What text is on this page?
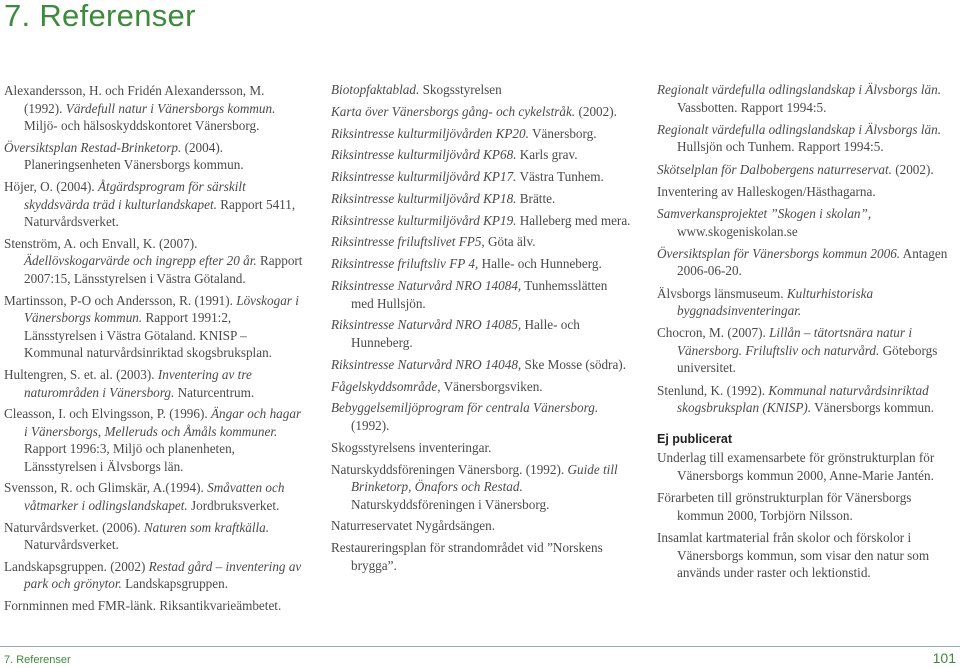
7. Referenser

Alexandersson, H. och Fridén Alexandersson, M. (1992). Värdefull natur i Vänersborgs kommun. Miljö- och hälsoskyddskontoret Vänersborg.

Översiktsplan Restad-Brinketorp. (2004). Planeringsenheten Vänersborgs kommun.

Höjer, O. (2004). Åtgärdsprogram för särskilt skyddsvärda träd i kulturlandskapet. Rapport 5411, Naturvårdsverket.

Stenström, A. och Envall, K. (2007). Ädellövskogarvärde och ingrepp efter 20 år. Rapport 2007:15, Länsstyrelsen i Västra Götaland.

Martinsson, P-O och Andersson, R. (1991). Lövskogar i Vänersborgs kommun. Rapport 1991:2, Länsstyrelsen i Västra Götaland. KNISP – Kommunal naturvårdsinriktad skogsbruksplan.

Hultengren, S. et. al. (2003). Inventering av tre naturområden i Vänersborg. Naturcentrum.

Cleasson, I. och Elvingsson, P. (1996). Ängar och hagar i Vänersborgs, Melleruds och Åmåls kommuner. Rapport 1996:3, Miljö och planenheten, Länsstyrelsen i Älvsborgs län.

Svensson, R. och Glimskär, A.(1994). Småvatten och våtmarker i odlingslandskapet. Jordbruksverket.

Naturvårdsverket. (2006). Naturen som kraftkälla. Naturvårdsverket.

Landskapsgruppen. (2002) Restad gård – inventering av park och grönytor. Landskapsgruppen.

Fornminnen med FMR-länk. Riksantikvarieämbetet.

Biotopfaktablad. Skogsstyrelsen

Karta över Vänersborgs gång- och cykelstråk. (2002).

Riksintresse kulturmiljövården KP20. Vänersborg.

Riksintresse kulturmiljövård KP68. Karls grav.

Riksintresse kulturmiljövård KP17. Västra Tunhem.

Riksintresse kulturmiljövård KP18. Brätte.

Riksintresse kulturmiljövård KP19. Halleberg med mera.

Riksintresse friluftslivet FP5, Göta älv.

Riksintresse friluftsliv FP 4, Halle- och Hunneberg.

Riksintresse Naturvård NRO 14084, Tunhemsslätten med Hullsjön.

Riksintresse Naturvård NRO 14085, Halle- och Hunneberg.

Riksintresse Naturvård NRO 14048, Ske Mosse (södra).

Fågelskyddsområde, Vänersborgsviken.

Bebyggelsemiljöprogram för centrala Vänersborg. (1992).

Skogsstyrelsens inventeringar.

Naturskyddsföreningen Vänersborg. (1992). Guide till Brinketorp, Önafors och Restad. Naturskyddsföreningen i Vänersborg.

Naturreservatet Nygårdsängen.

Restaureringsplan för strandområdet vid ”Norskens brygga”.

Regionalt värdefulla odlingslandskap i Älvsborgs län. Vassbotten. Rapport 1994:5.

Regionalt värdefulla odlingslandskap i Älvsborgs län. Hullsjön och Tunhem. Rapport 1994:5.

Skötselplan för Dalbobergens naturreservat. (2002).

Inventering av Halleskogen/Hästhagarna.

Samverkansprojektet ”Skogen i skolan”, www.skogeniskolan.se

Översiktsplan för Vänersborgs kommun 2006. Antagen 2006-06-20.

Älvsborgs länsmuseum. Kulturhistoriska byggnadsinventeringar.

Chocron, M. (2007). Lillån – tätortsnära natur i Vänersborg. Friluftsliv och naturvård. Göteborgs universitet.

Stenlund, K. (1992). Kommunal naturvårdsinriktad skogsbruksplan (KNISP). Vänersborgs kommun.

Ej publicerat

Underlag till examensarbete för grönstrukturplan för Vänersborgs kommun 2000, Anne-Marie Jantén.

Förarbeten till grönstrukturplan för Vänersborgs kommun 2000, Torbjörn Nilsson.

Insamlat kartmaterial från skolor och förskolor i Vänersborgs kommun, som visar den natur som används under raster och lektionstid.

7. Referenser	101
